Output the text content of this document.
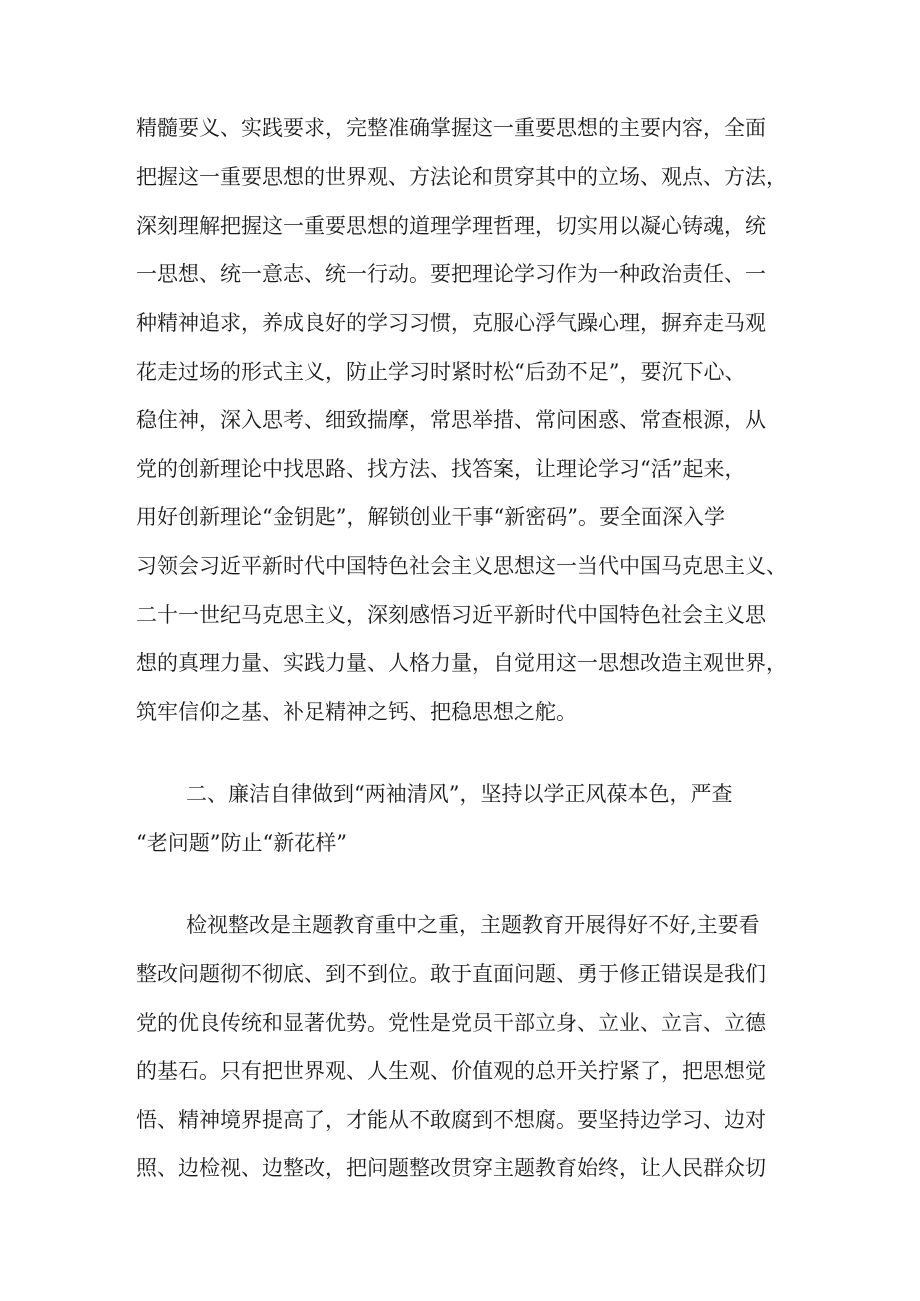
精髓要义、实践要求，完整准确掌握这一重要思想的主要内容，全面

把握这一重要思想的世界观、方法论和贯穿其中的立场、观点、方法，

深刻理解把握这一重要思想的道理学理哲理，切实用以凝心铸魂，统

一思想、统一意志、统一行动。要把理论学习作为一种政治责任、一

种精神追求，养成良好的学习习惯，克服心浮气躁心理，摒弃走马观

花走过场的形式主义，防止学习时紧时松“后劲不足”，要沉下心、

稳住神，深入思考、细致揣摩，常思举措、常问困惑、常查根源，从

党的创新理论中找思路、找方法、找答案，让理论学习“活”起来，

用好创新理论“金钥匙”，解锁创业干事“新密码”。要全面深入学

习领会习近平新时代中国特色社会主义思想这一当代中国马克思主义、

二十一世纪马克思主义，深刻感悟习近平新时代中国特色社会主义思

想的真理力量、实践力量、人格力量，自觉用这一思想改造主观世界，

筑牢信仰之基、补足精神之钙、把稳思想之舵。

二、廉洁自律做到“两袖清风”，坚持以学正风葆本色，严查

“老问题”防止“新花样”

检视整改是主题教育重中之重，主题教育开展得好不好,主要看

整改问题彻不彻底、到不到位。敢于直面问题、勇于修正错误是我们

党的优良传统和显著优势。党性是党员干部立身、立业、立言、立德

的基石。只有把世界观、人生观、价值观的总开关拧紧了，把思想觉

悟、精神境界提高了，才能从不敢腐到不想腐。要坚持边学习、边对

照、边检视、边整改，把问题整改贯穿主题教育始终，让人民群众切
